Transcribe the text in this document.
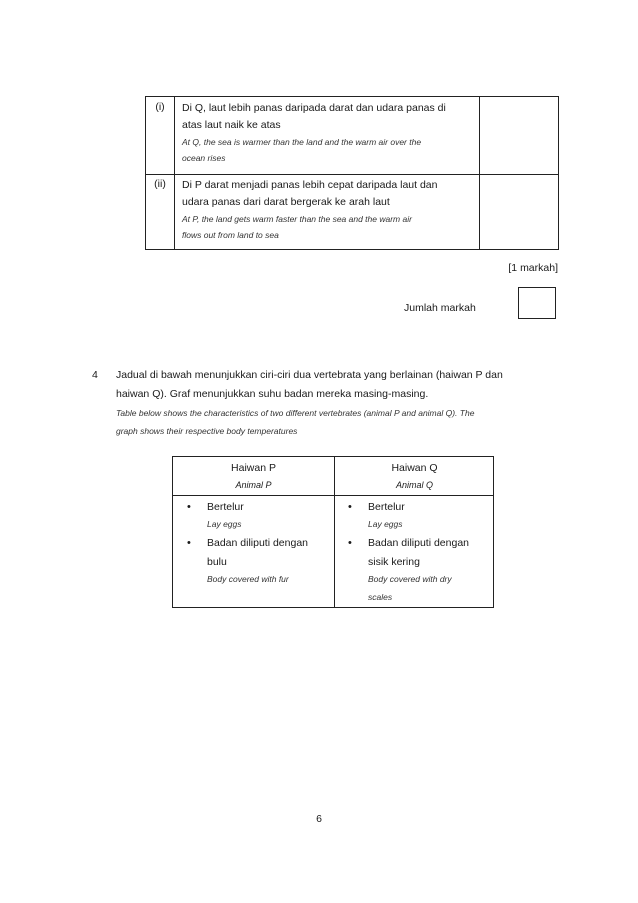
(i)	Di Q, laut lebih panas daripada darat dan udara panas di
atas laut naik ke atas
At Q, the sea is warmer than the land and the warm air over the
ocean rises
(ii)	Di P darat menjadi panas lebih cepat daripada laut dan
udara panas dari darat bergerak ke arah laut
At P, the land gets warm faster than the sea and the warm air
flows out from land to sea
[1 markah]
Jumlah markah
4 Jadual di bawah menunjukkan ciri-ciri dua vertebrata yang berlainan (haiwan P dan
haiwan Q). Graf menunjukkan suhu badan mereka masing-masing.
Table below shows the characteristics of two different vertebrates (animal P and animal Q). The
graph shows their respective body temperatures
Haiwan P
Animal P
Haiwan Q
Animal Q
• Bertelur
Lay eggs
• Badan diliputi dengan
bulu
Body covered with fur
• Bertelur
Lay eggs
• Badan diliputi dengan
sisik kering
Body covered with dry
scales
6
